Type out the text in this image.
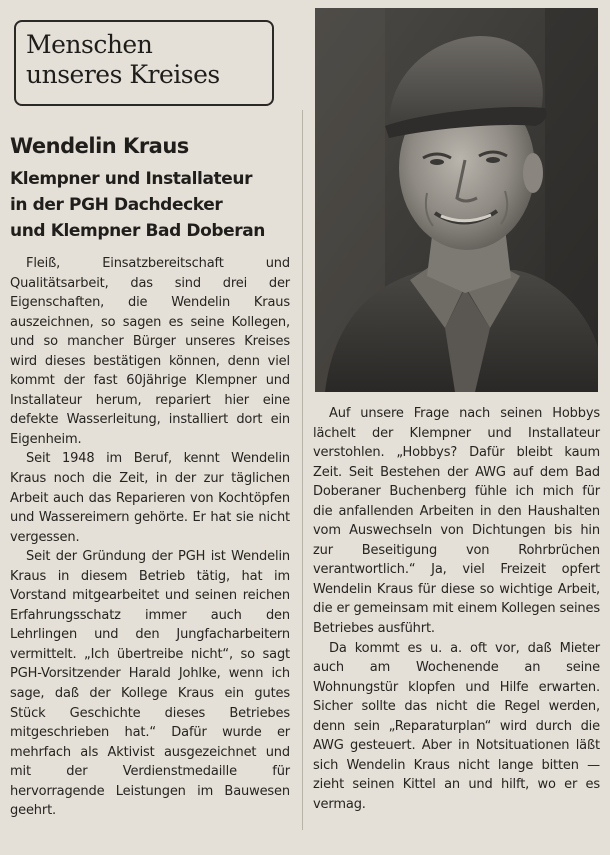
Menschen
unseres Kreises
Wendelin Kraus
Klempner und Installateur
in der PGH Dachdecker
und Klempner Bad Doberan

Fleiß, Einsatzbereitschaft und Qualitätsarbeit, das sind drei der Eigenschaften, die Wendelin Kraus auszeichnen, so sagen es seine Kollegen, und so mancher Bürger unseres Kreises wird dieses bestätigen können, denn viel kommt der fast 60jährige Klempner und Installateur herum, repariert hier eine defekte Wasserleitung, installiert dort ein Eigenheim.

Seit 1948 im Beruf, kennt Wendelin Kraus noch die Zeit, in der zur täglichen Arbeit auch das Reparieren von Kochtöpfen und Wassereimern gehörte. Er hat sie nicht vergessen.

Seit der Gründung der PGH ist Wendelin Kraus in diesem Betrieb tätig, hat im Vorstand mitgearbeitet und seinen reichen Erfahrungsschatz immer auch den Lehrlingen und den Jungfacharbeitern vermittelt. „Ich übertreibe nicht“, so sagt PGH-Vorsitzender Harald Johlke, wenn ich sage, daß der Kollege Kraus ein gutes Stück Geschichte dieses Betriebes mitgeschrieben hat.“ Dafür wurde er mehrfach als Aktivist ausgezeichnet und mit der Verdienstmedaille für hervorragende Leistungen im Bauwesen geehrt.

Auf unsere Frage nach seinen Hobbys lächelt der Klempner und Installateur verstohlen. „Hobbys? Dafür bleibt kaum Zeit. Seit Bestehen der AWG auf dem Bad Doberaner Buchenberg fühle ich mich für die anfallenden Arbeiten in den Haushalten vom Auswechseln von Dichtungen bis hin zur Beseitigung von Rohrbrüchen verantwortlich.“ Ja, viel Freizeit opfert Wendelin Kraus für diese so wichtige Arbeit, die er gemeinsam mit einem Kollegen seines Betriebes ausführt.

Da kommt es u. a. oft vor, daß Mieter auch am Wochenende an seine Wohnungstür klopfen und Hilfe erwarten. Sicher sollte das nicht die Regel werden, denn sein „Reparaturplan“ wird durch die AWG gesteuert. Aber in Notsituationen läßt sich Wendelin Kraus nicht lange bitten — zieht seinen Kittel an und hilft, wo er es vermag.
